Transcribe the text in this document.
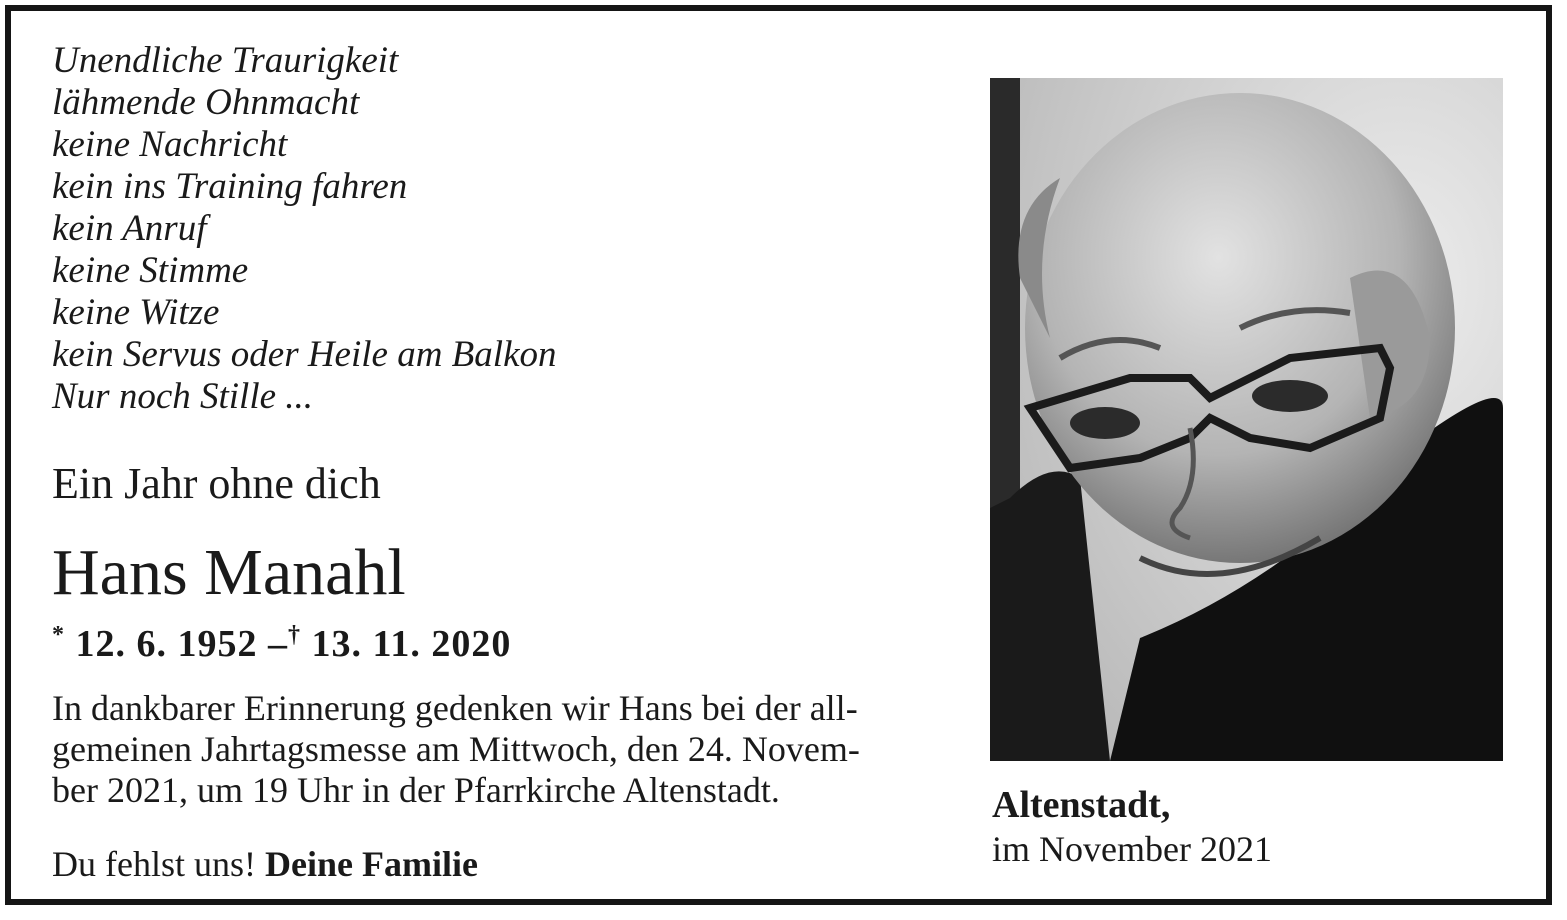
Unendliche Traurigkeit
lähmende Ohnmacht
keine Nachricht
kein ins Training fahren
kein Anruf
keine Stimme
keine Witze
kein Servus oder Heile am Balkon
Nur noch Stille ...
Ein Jahr ohne dich
Hans Manahl
* 12. 6. 1952 –† 13. 11. 2020
In dankbarer Erinnerung gedenken wir Hans bei der all-
gemeinen Jahrtagsmesse am Mittwoch, den 24. Novem-
ber 2021, um 19 Uhr in der Pfarrkirche Altenstadt.
Du fehlst uns! Deine Familie
Altenstadt,
im November 2021
